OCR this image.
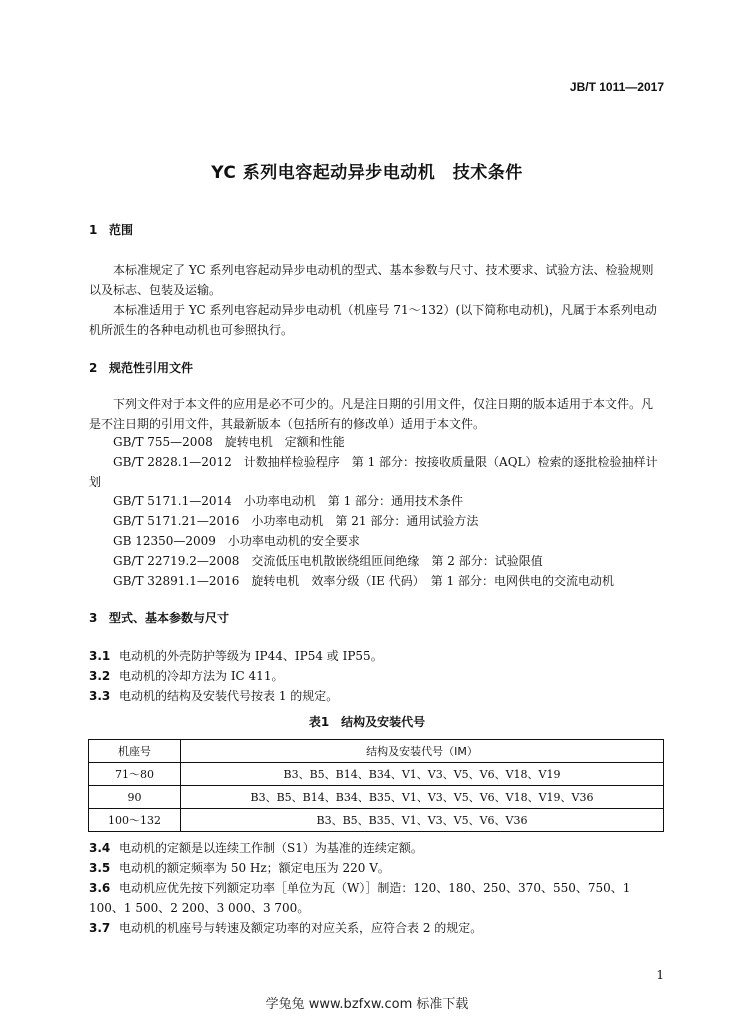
JB/T 1011—2017
YC 系列电容起动异步电动机　技术条件
1 范围
本标准规定了 YC 系列电容起动异步电动机的型式、基本参数与尺寸、技术要求、试验方法、检验规则以及标志、包装及运输。
本标准适用于 YC 系列电容起动异步电动机（机座号 71～132）(以下简称电动机)，凡属于本系列电动机所派生的各种电动机也可参照执行。
2 规范性引用文件
下列文件对于本文件的应用是必不可少的。凡是注日期的引用文件，仅注日期的版本适用于本文件。凡是不注日期的引用文件，其最新版本（包括所有的修改单）适用于本文件。
GB/T 755—2008　旋转电机　定额和性能
GB/T 2828.1—2012　计数抽样检验程序　第 1 部分：按接收质量限（AQL）检索的逐批检验抽样计划
GB/T 5171.1—2014　小功率电动机　第 1 部分：通用技术条件
GB/T 5171.21—2016　小功率电动机　第 21 部分：通用试验方法
GB 12350—2009　小功率电动机的安全要求
GB/T 22719.2—2008　交流低压电机散嵌绕组匝间绝缘　第 2 部分：试验限值
GB/T 32891.1—2016　旋转电机　效率分级（IE 代码）　第 1 部分：电网供电的交流电动机
3 型式、基本参数与尺寸
3.1 电动机的外壳防护等级为 IP44、IP54 或 IP55。
3.2 电动机的冷却方法为 IC 411。
3.3 电动机的结构及安装代号按表 1 的规定。
表1　结构及安装代号
机座号	结构及安装代号（IM）
71～80	B3、B5、B14、B34、V1、V3、V5、V6、V18、V19
90	B3、B5、B14、B34、B35、V1、V3、V5、V6、V18、V19、V36
100～132	B3、B5、B35、V1、V3、V5、V6、V36
3.4 电动机的定额是以连续工作制（S1）为基准的连续定额。
3.5 电动机的额定频率为 50 Hz；额定电压为 220 V。
3.6 电动机应优先按下列额定功率［单位为瓦（W）］制造：120、180、250、370、550、750、1 100、1 500、2 200、3 000、3 700。
3.7 电动机的机座号与转速及额定功率的对应关系，应符合表 2 的规定。
1
学兔兔 www.bzfxw.com 标准下载
